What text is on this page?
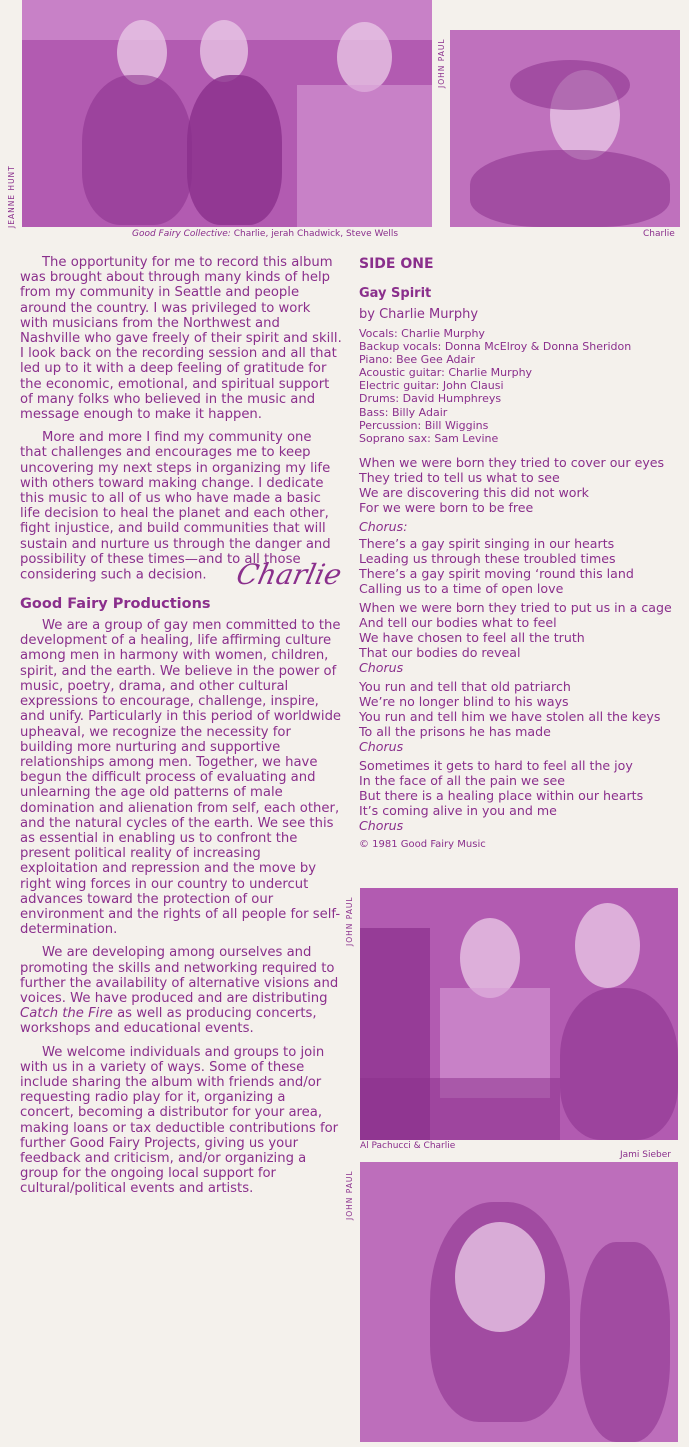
JEANNE HUNT
Good Fairy Collective: Charlie, jerah Chadwick, Steve Wells
JOHN PAUL
Charlie

The opportunity for me to record this album was brought about through many kinds of help from my community in Seattle and people around the country. I was privileged to work with musicians from the Northwest and Nashville who gave freely of their spirit and skill. I look back on the recording session and all that led up to it with a deep feeling of gratitude for the economic, emotional, and spiritual support of many folks who believed in the music and message enough to make it happen.

More and more I find my community one that challenges and encourages me to keep uncovering my next steps in organizing my life with others toward making change. I dedicate this music to all of us who have made a basic life decision to heal the planet and each other, fight injustice, and build communities that will sustain and nurture us through the danger and possibility of these times—and to all those considering such a decision. Charlie

Good Fairy Productions

We are a group of gay men committed to the development of a healing, life affirming culture among men in harmony with women, children, spirit, and the earth. We believe in the power of music, poetry, drama, and other cultural expressions to encourage, challenge, inspire, and unify. Particularly in this period of worldwide upheaval, we recognize the necessity for building more nurturing and supportive relationships among men. Together, we have begun the difficult process of evaluating and unlearning the age old patterns of male domination and alienation from self, each other, and the natural cycles of the earth. We see this as essential in enabling us to confront the present political reality of increasing exploitation and repression and the move by right wing forces in our country to undercut advances toward the protection of our environment and the rights of all people for self-determination.

We are developing among ourselves and promoting the skills and networking required to further the availability of alternative visions and voices. We have produced and are distributing Catch the Fire as well as producing concerts, workshops and educational events.

We welcome individuals and groups to join with us in a variety of ways. Some of these include sharing the album with friends and/or requesting radio play for it, organizing a concert, becoming a distributor for your area, making loans or tax deductible contributions for further Good Fairy Projects, giving us your feedback and criticism, and/or organizing a group for the ongoing local support for cultural/political events and artists.

SIDE ONE
Gay Spirit
by Charlie Murphy
Vocals: Charlie Murphy
Backup vocals: Donna McElroy & Donna Sheridon
Piano: Bee Gee Adair
Acoustic guitar: Charlie Murphy
Electric guitar: John Clausi
Drums: David Humphreys
Bass: Billy Adair
Percussion: Bill Wiggins
Soprano sax: Sam Levine
When we were born they tried to cover our eyes
They tried to tell us what to see
We are discovering this did not work
For we were born to be free
Chorus:
There’s a gay spirit singing in our hearts
Leading us through these troubled times
There’s a gay spirit moving ‘round this land
Calling us to a time of open love
When we were born they tried to put us in a cage
And tell our bodies what to feel
We have chosen to feel all the truth
That our bodies do reveal
Chorus
You run and tell that old patriarch
We’re no longer blind to his ways
You run and tell him we have stolen all the keys
To all the prisons he has made
Chorus
Sometimes it gets to hard to feel all the joy
In the face of all the pain we see
But there is a healing place within our hearts
It’s coming alive in you and me
Chorus
© 1981 Good Fairy Music
JOHN PAUL
Al Pachucci & Charlie
Jami Sieber
JOHN PAUL
